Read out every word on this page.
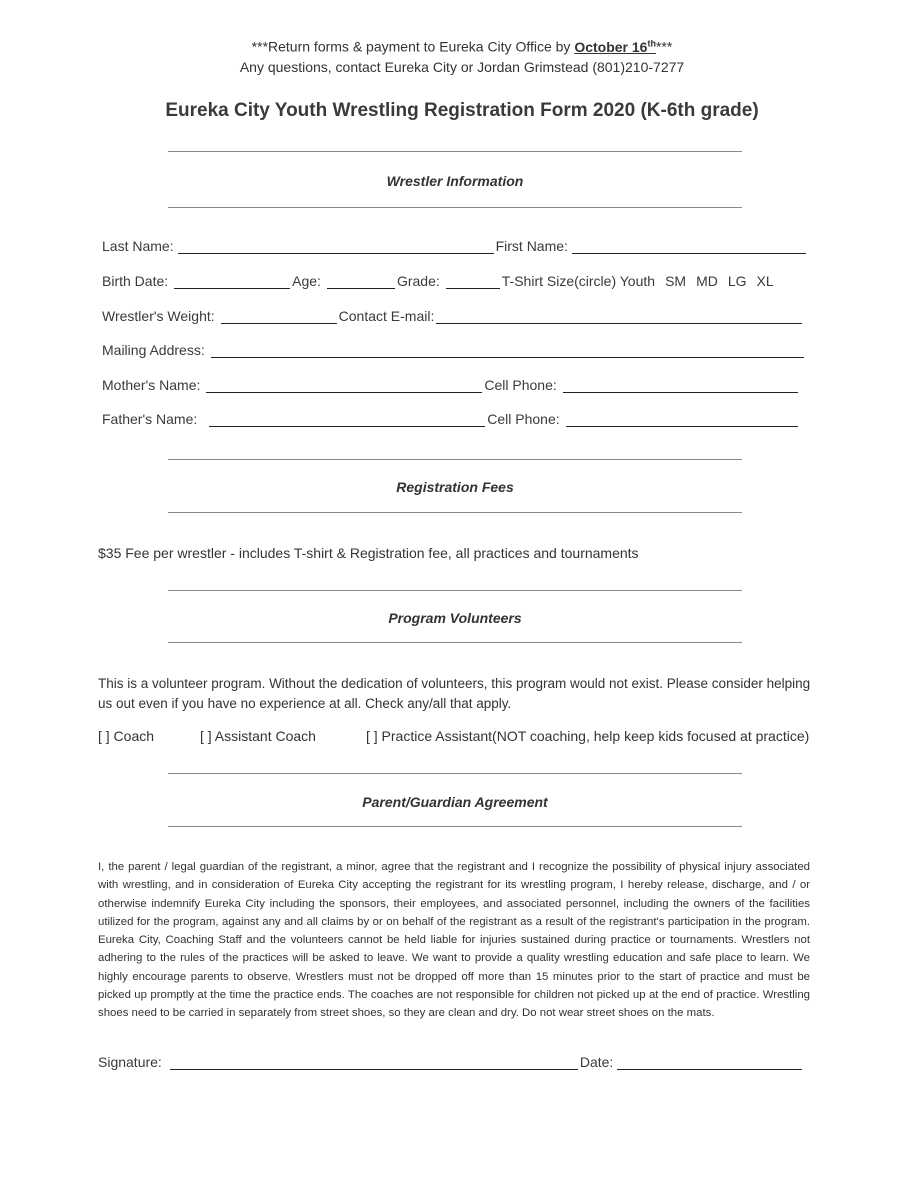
***Return forms & payment to Eureka City Office by October 16th***
Any questions, contact Eureka City or Jordan Grimstead (801)210-7277
Eureka City Youth Wrestling Registration Form 2020 (K-6th grade)
Wrestler Information
Last Name:	First Name:
Birth Date:	Age:	Grade:	T-Shirt Size(circle) Youth SM MD LG XL
Wrestler's Weight:	Contact E-mail:
Mailing Address:
Mother's Name:	Cell Phone:
Father's Name:	Cell Phone:
Registration Fees
$35 Fee per wrestler - includes T-shirt & Registration fee, all practices and tournaments
Program Volunteers
This is a volunteer program. Without the dedication of volunteers, this program would not exist. Please consider helping us out even if you have no experience at all. Check any/all that apply.
[ ] Coach	[ ] Assistant Coach	[ ] Practice Assistant(NOT coaching, help keep kids focused at practice)
Parent/Guardian Agreement
I, the parent / legal guardian of the registrant, a minor, agree that the registrant and I recognize the possibility of physical injury associated with wrestling, and in consideration of Eureka City accepting the registrant for its wrestling program, I hereby release, discharge, and / or otherwise indemnify Eureka City including the sponsors, their employees, and associated personnel, including the owners of the facilities utilized for the program, against any and all claims by or on behalf of the registrant as a result of the registrant's participation in the program. Eureka City, Coaching Staff and the volunteers cannot be held liable for injuries sustained during practice or tournaments. Wrestlers not adhering to the rules of the practices will be asked to leave. We want to provide a quality wrestling education and safe place to learn. We highly encourage parents to observe. Wrestlers must not be dropped off more than 15 minutes prior to the start of practice and must be picked up promptly at the time the practice ends. The coaches are not responsible for children not picked up at the end of practice. Wrestling shoes need to be carried in separately from street shoes, so they are clean and dry. Do not wear street shoes on the mats.
Signature:	Date:
